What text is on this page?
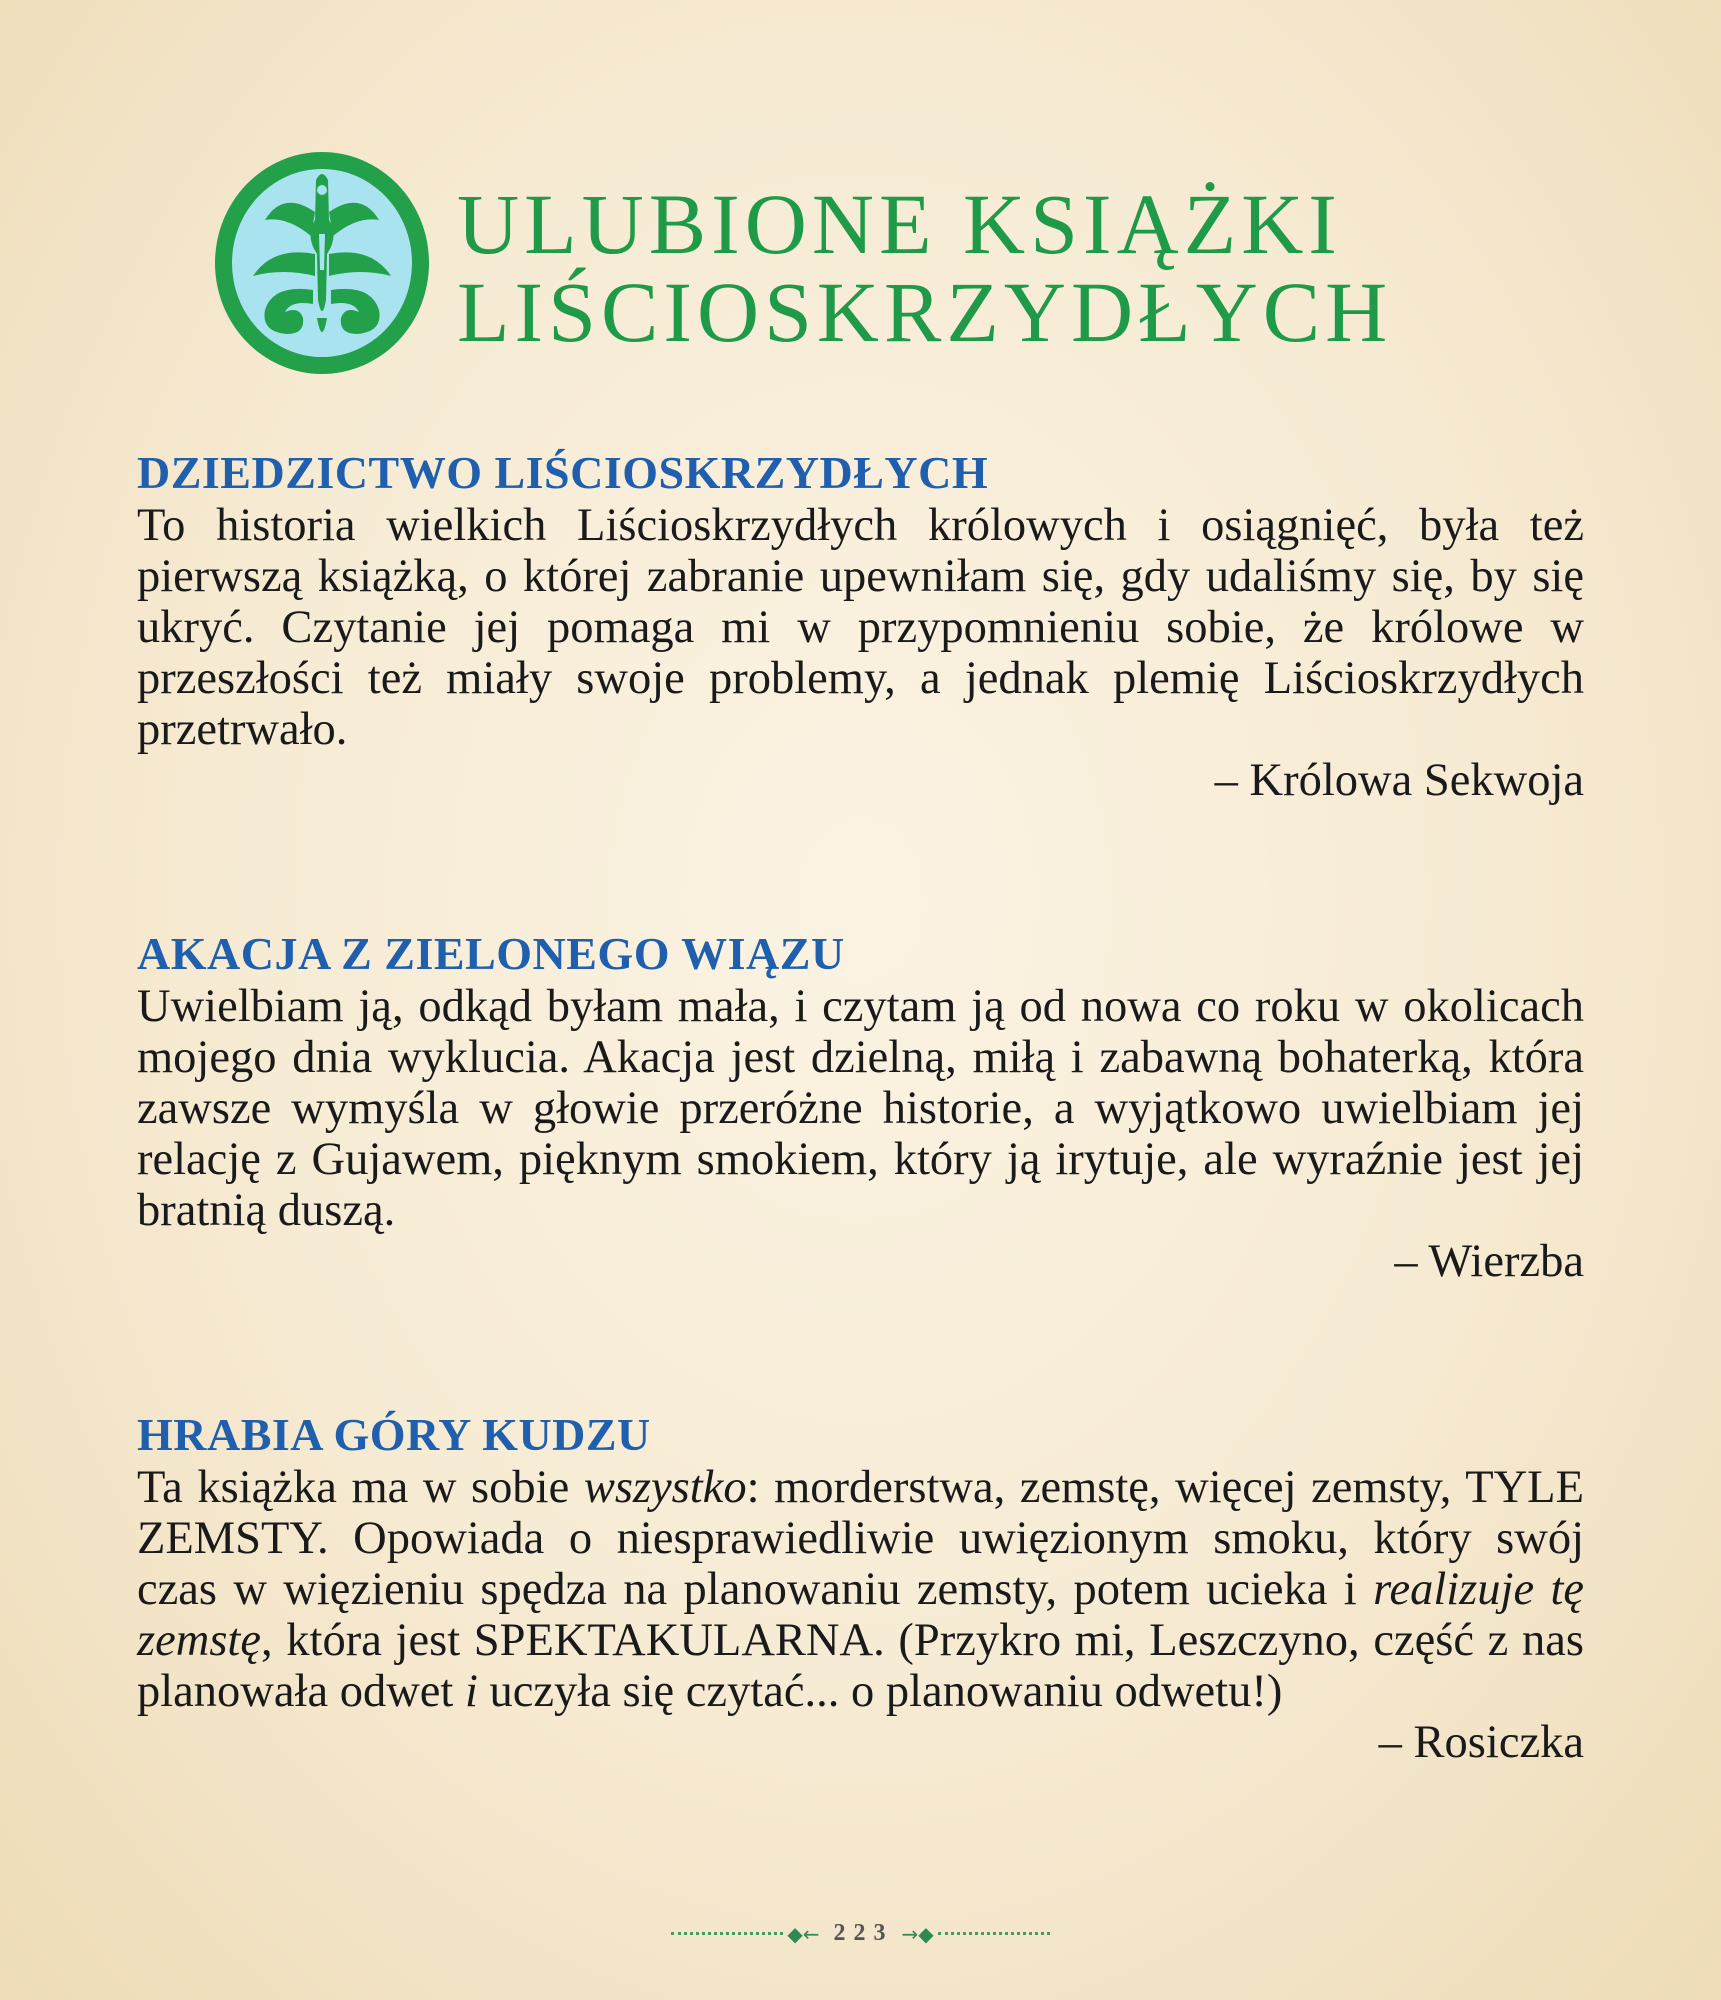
ULUBIONE KSIĄŻKI
LIŚCIOSKRZYDŁYCH
DZIEDZICTWO LIŚCIOSKRZYDŁYCH
To historia wielkich Liścioskrzydłych królowych i osiągnięć, była też pierwszą książką, o której zabranie upewniłam się, gdy udaliśmy się, by się ukryć. Czytanie jej pomaga mi w przypomnieniu sobie, że królowe w przeszłości też miały swoje problemy, a jednak plemię Liścioskrzydłych przetrwało.
– Królowa Sekwoja
AKACJA Z ZIELONEGO WIĄZU
Uwielbiam ją, odkąd byłam mała, i czytam ją od nowa co roku w okolicach mojego dnia wyklucia. Akacja jest dzielną, miłą i zabawną bohaterką, która zawsze wymyśla w głowie przeróżne historie, a wyjątkowo uwielbiam jej relację z Gujawem, pięknym smokiem, który ją irytuje, ale wyraźnie jest jej bratnią duszą.
– Wierzba
HRABIA GÓRY KUDZU
Ta książka ma w sobie wszystko: morderstwa, zemstę, więcej zemsty, TYLE ZEMSTY. Opowiada o niesprawiedliwie uwięzionym smoku, który swój czas w więzieniu spędza na planowaniu zemsty, potem ucieka i realizuje tę zemstę, która jest SPEKTAKULARNA. (Przykro mi, Leszczyno, część z nas planowała odwet i uczyła się czytać... o planowaniu odwetu!)
– Rosiczka
◆← 223 →◆
